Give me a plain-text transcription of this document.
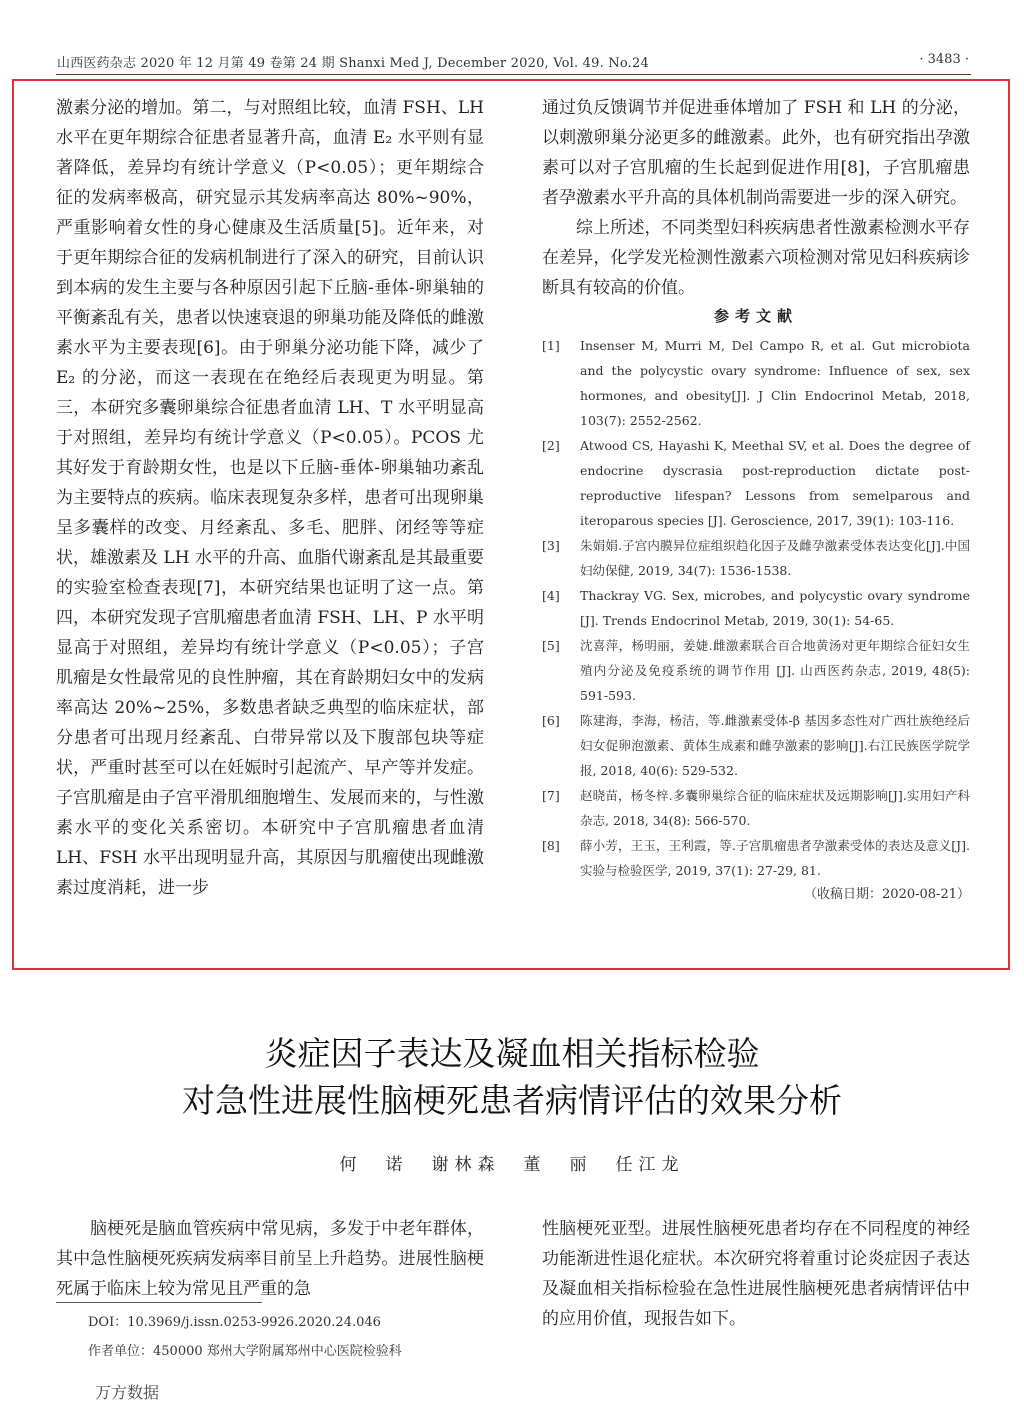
山西医药杂志 2020 年 12 月第 49 卷第 24 期 Shanxi Med J, December 2020, Vol. 49. No.24	· 3483 ·

激素分泌的增加。第二，与对照组比较，血清 FSH、LH 水平在更年期综合征患者显著升高，血清 E₂ 水平则有显著降低，差异均有统计学意义（P<0.05）；更年期综合征的发病率极高，研究显示其发病率高达 80%~90%，严重影响着女性的身心健康及生活质量[5]。近年来，对于更年期综合征的发病机制进行了深入的研究，目前认识到本病的发生主要与各种原因引起下丘脑-垂体-卵巢轴的平衡紊乱有关，患者以快速衰退的卵巢功能及降低的雌激素水平为主要表现[6]。由于卵巢分泌功能下降，减少了 E₂ 的分泌，而这一表现在在绝经后表现更为明显。第三，本研究多囊卵巢综合征患者血清 LH、T 水平明显高于对照组，差异均有统计学意义（P<0.05）。PCOS 尤其好发于育龄期女性，也是以下丘脑-垂体-卵巢轴功紊乱为主要特点的疾病。临床表现复杂多样，患者可出现卵巢呈多囊样的改变、月经紊乱、多毛、肥胖、闭经等等症状，雄激素及 LH 水平的升高、血脂代谢紊乱是其最重要的实验室检查表现[7]，本研究结果也证明了这一点。第四，本研究发现子宫肌瘤患者血清 FSH、LH、P 水平明显高于对照组，差异均有统计学意义（P<0.05）；子宫肌瘤是女性最常见的良性肿瘤，其在育龄期妇女中的发病率高达 20%~25%，多数患者缺乏典型的临床症状，部分患者可出现月经紊乱、白带异常以及下腹部包块等症状，严重时甚至可以在妊娠时引起流产、早产等并发症。子宫肌瘤是由子宫平滑肌细胞增生、发展而来的，与性激素水平的变化关系密切。本研究中子宫肌瘤患者血清 LH、FSH 水平出现明显升高，其原因与肌瘤使出现雌激素过度消耗，进一步

通过负反馈调节并促进垂体增加了 FSH 和 LH 的分泌，以刺激卵巢分泌更多的雌激素。此外，也有研究指出孕激素可以对子宫肌瘤的生长起到促进作用[8]，子宫肌瘤患者孕激素水平升高的具体机制尚需要进一步的深入研究。

综上所述，不同类型妇科疾病患者性激素检测水平存在差异，化学发光检测性激素六项检测对常见妇科疾病诊断具有较高的价值。

参考文献
[1]	Insenser M, Murri M, Del Campo R, et al. Gut microbiota and the polycystic ovary syndrome: Influence of sex, sex hormones, and obesity[J]. J Clin Endocrinol Metab, 2018, 103(7): 2552-2562.
[2]	Atwood CS, Hayashi K, Meethal SV, et al. Does the degree of endocrine dyscrasia post-reproduction dictate post-reproductive lifespan? Lessons from semelparous and iteroparous species [J]. Geroscience, 2017, 39(1): 103-116.
[3]	朱娟娟.子宫内膜异位症组织趋化因子及雌孕激素受体表达变化[J].中国妇幼保健, 2019, 34(7): 1536-1538.
[4]	Thackray VG. Sex, microbes, and polycystic ovary syndrome [J]. Trends Endocrinol Metab, 2019, 30(1): 54-65.
[5]	沈喜萍，杨明丽，姜婕.雌激素联合百合地黄汤对更年期综合征妇女生殖内分泌及免疫系统的调节作用 [J]. 山西医药杂志, 2019, 48(5): 591-593.
[6]	陈建海，李海，杨洁，等.雌激素受体-β 基因多态性对广西壮族绝经后妇女促卵泡激素、黄体生成素和雌孕激素的影响[J].右江民族医学院学报, 2018, 40(6): 529-532.
[7]	赵晓苗，杨冬梓.多囊卵巢综合征的临床症状及远期影响[J].实用妇产科杂志, 2018, 34(8): 566-570.
[8]	薛小芳，王玉，王利霞，等.子宫肌瘤患者孕激素受体的表达及意义[J].实验与检验医学, 2019, 37(1): 27-29, 81.
（收稿日期：2020-08-21）
炎症因子表达及凝血相关指标检验
对急性进展性脑梗死患者病情评估的效果分析
何　诺　谢林森　董　丽　任江龙

脑梗死是脑血管疾病中常见病，多发于中老年群体，其中急性脑梗死疾病发病率目前呈上升趋势。进展性脑梗死属于临床上较为常见且严重的急

性脑梗死亚型。进展性脑梗死患者均存在不同程度的神经功能渐进性退化症状。本次研究将着重讨论炎症因子表达及凝血相关指标检验在急性进展性脑梗死患者病情评估中的应用价值，现报告如下。

DOI：10.3969/j.issn.0253-9926.2020.24.046
作者单位：450000 郑州大学附属郑州中心医院检验科
万方数据
